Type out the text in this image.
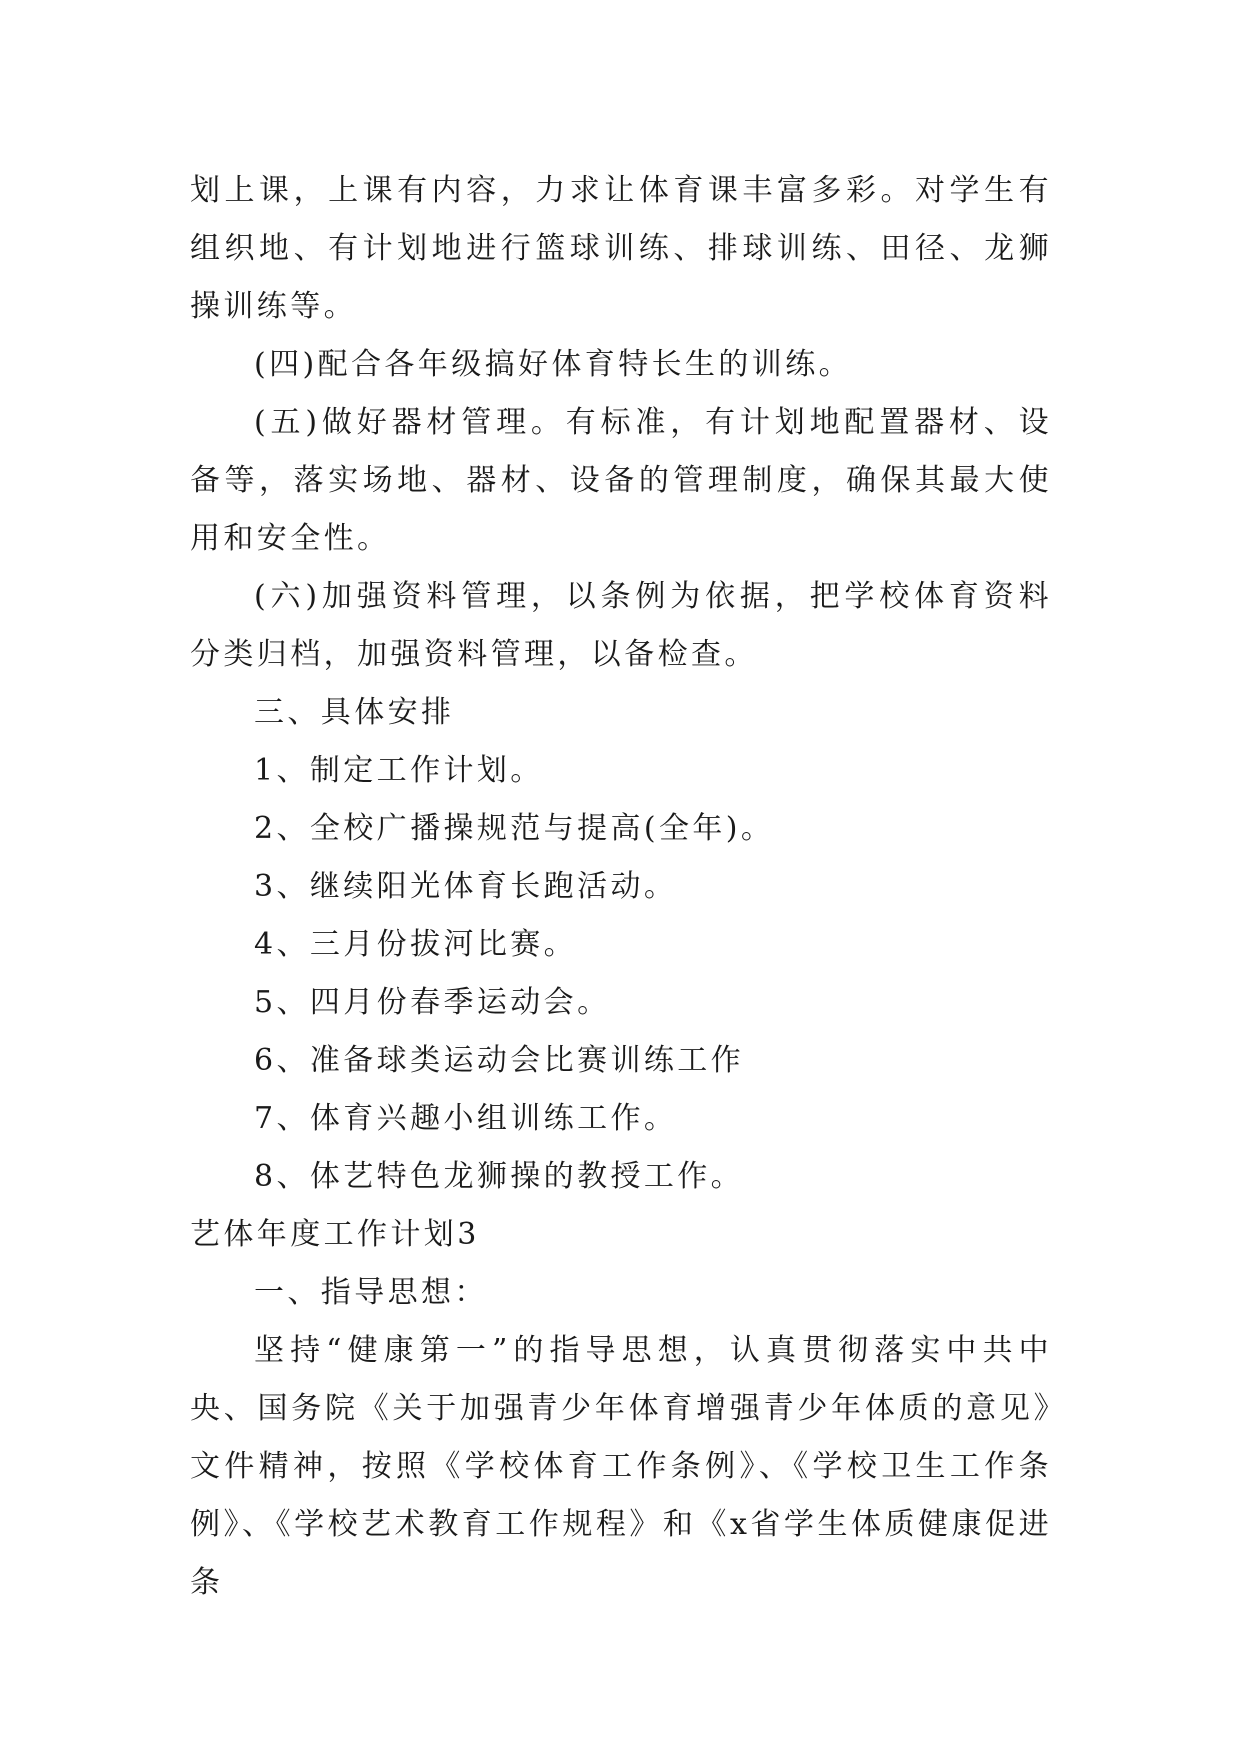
划上课，上课有内容，力求让体育课丰富多彩。对学生有组织地、有计划地进行篮球训练、排球训练、田径、龙狮操训练等。

(四)配合各年级搞好体育特长生的训练。

(五)做好器材管理。有标准，有计划地配置器材、设备等，落实场地、器材、设备的管理制度，确保其最大使用和安全性。

(六)加强资料管理，以条例为依据，把学校体育资料分类归档，加强资料管理，以备检查。

三、具体安排

1、制定工作计划。

2、全校广播操规范与提高(全年)。

3、继续阳光体育长跑活动。

4、三月份拔河比赛。

5、四月份春季运动会。

6、准备球类运动会比赛训练工作

7、体育兴趣小组训练工作。

8、体艺特色龙狮操的教授工作。

艺体年度工作计划3

一、指导思想：

坚持“健康第一”的指导思想，认真贯彻落实中共中央、国务院《关于加强青少年体育增强青少年体质的意见》文件精神，按照《学校体育工作条例》、《学校卫生工作条例》、《学校艺术教育工作规程》和《x省学生体质健康促进条
